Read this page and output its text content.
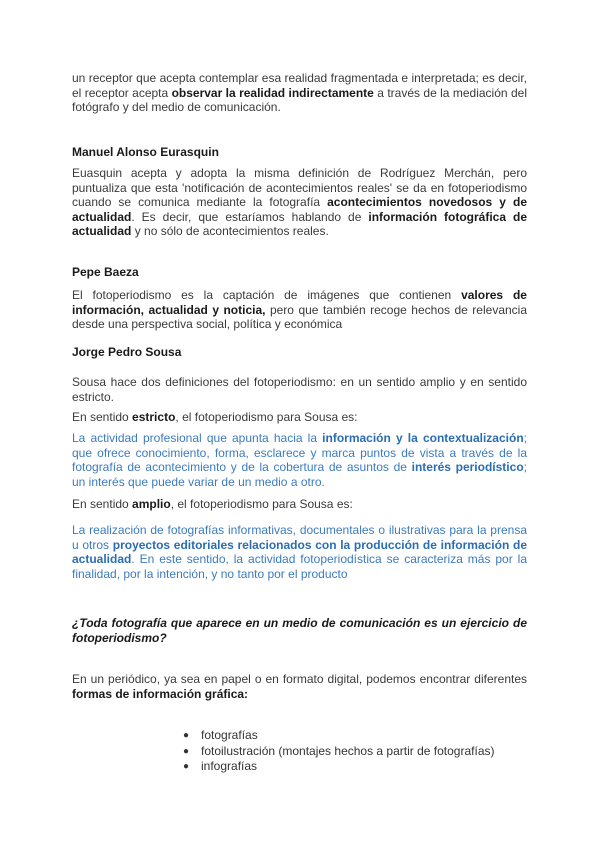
un receptor que acepta contemplar esa realidad fragmentada e interpretada; es decir, el receptor acepta observar la realidad indirectamente a través de la mediación del fotógrafo y del medio de comunicación.

Manuel Alonso Eurasquin

Euasquin acepta y adopta la misma definición de Rodríguez Merchán, pero puntualiza que esta 'notificación de acontecimientos reales' se da en fotoperiodismo cuando se comunica mediante la fotografía acontecimientos novedosos y de actualidad. Es decir, que estaríamos hablando de información fotográfica de actualidad y no sólo de acontecimientos reales.

Pepe Baeza

El fotoperiodismo es la captación de imágenes que contienen valores de información, actualidad y noticia, pero que también recoge hechos de relevancia desde una perspectiva social, política y económica

Jorge Pedro Sousa

Sousa hace dos definiciones del fotoperiodismo: en un sentido amplio y en sentido estricto.

En sentido estricto, el fotoperiodismo para Sousa es:

La actividad profesional que apunta hacia la información y la contextualización; que ofrece conocimiento, forma, esclarece y marca puntos de vista a través de la fotografía de acontecimiento y de la cobertura de asuntos de interés periodístico; un interés que puede variar de un medio a otro.

En sentido amplio, el fotoperiodismo para Sousa es:

La realización de fotografías informativas, documentales o ilustrativas para la prensa u otros proyectos editoriales relacionados con la producción de información de actualidad. En este sentido, la actividad fotoperiodística se caracteriza más por la finalidad, por la intención, y no tanto por el producto

¿Toda fotografía que aparece en un medio de comunicación es un ejercicio de fotoperiodismo?

En un periódico, ya sea en papel o en formato digital, podemos encontrar diferentes formas de información gráfica:

● fotografías
● fotoilustración (montajes hechos a partir de fotografías)
● infografías
